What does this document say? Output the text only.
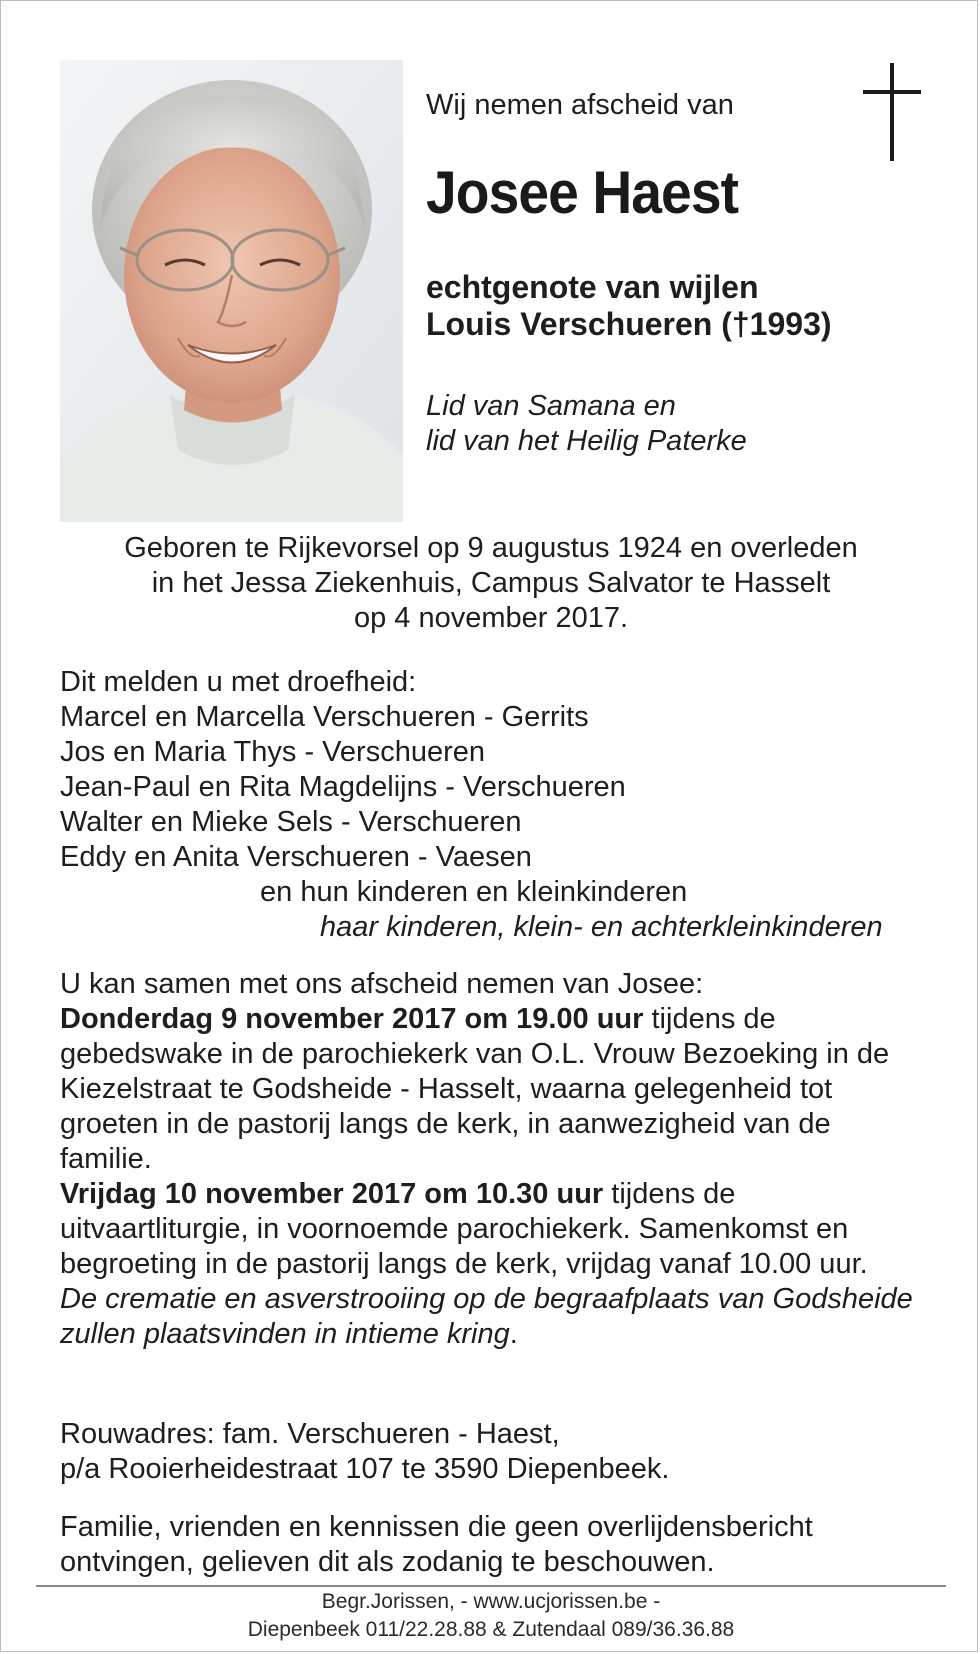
Wij nemen afscheid van

Josee Haest
echtgenote van wijlen
Louis Verschueren (†1993)
Lid van Samana en
lid van het Heilig Paterke
Geboren te Rijkevorsel op 9 augustus 1924 en overleden
in het Jessa Ziekenhuis, Campus Salvator te Hasselt
op 4 november 2017.
Dit melden u met droefheid:
Marcel en Marcella Verschueren - Gerrits
Jos en Maria Thys - Verschueren
Jean-Paul en Rita Magdelijns - Verschueren
Walter en Mieke Sels - Verschueren
Eddy en Anita Verschueren - Vaesen
en hun kinderen en kleinkinderen
haar kinderen, klein- en achterkleinkinderen
U kan samen met ons afscheid nemen van Josee:
Donderdag 9 november 2017 om 19.00 uur tijdens de gebedswake in de parochiekerk van O.L. Vrouw Bezoeking in de Kiezelstraat te Godsheide - Hasselt, waarna gelegenheid tot groeten in de pastorij langs de kerk, in aanwezigheid van de familie.
Vrijdag 10 november 2017 om 10.30 uur tijdens de uitvaartliturgie, in voornoemde parochiekerk. Samenkomst en begroeting in de pastorij langs de kerk, vrijdag vanaf 10.00 uur.
De crematie en asverstrooiing op de begraafplaats van Godsheide zullen plaatsvinden in intieme kring.
Rouwadres: fam. Verschueren - Haest,
p/a Rooierheidestraat 107 te 3590 Diepenbeek.
Familie, vrienden en kennissen die geen overlijdensbericht
ontvingen, gelieven dit als zodanig te beschouwen.
Begr.Jorissen, - www.ucjorissen.be -
Diepenbeek 011/22.28.88 & Zutendaal 089/36.36.88
